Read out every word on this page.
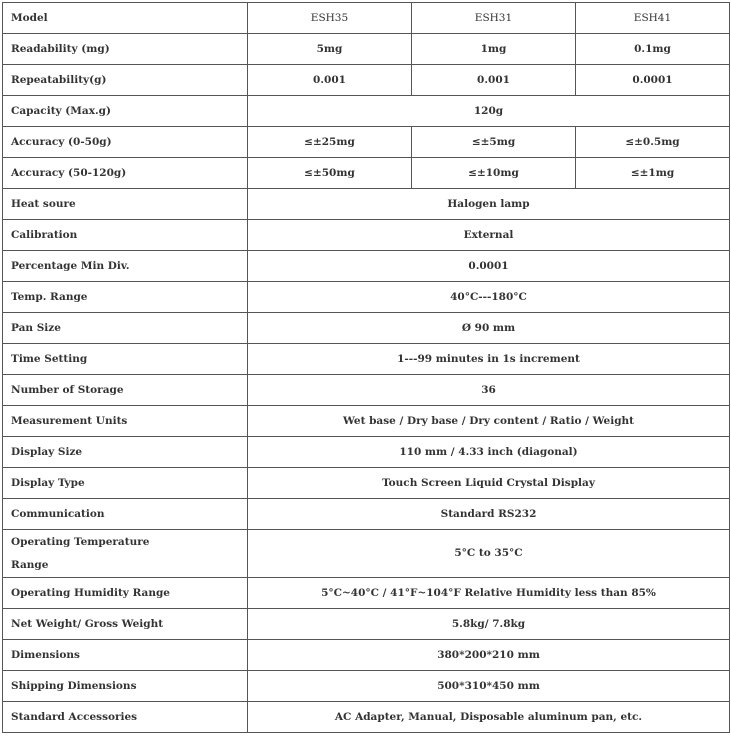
Model	ESH35	ESH31	ESH41
Readability (mg)	5mg	1mg	0.1mg
Repeatability(g)	0.001	0.001	0.0001
Capacity (Max.g)	120g		
Accuracy (0-50g)	≤±25mg	≤±5mg	≤±0.5mg
Accuracy (50-120g)	≤±50mg	≤±10mg	≤±1mg
Heat soure	Halogen lamp		
Calibration	External		
Percentage Min Div.	0.0001		
Temp. Range	40°C---180°C		
Pan Size	Ø 90 mm		
Time Setting	1---99 minutes in 1s increment		
Number of Storage	36		
Measurement Units	Wet base / Dry base / Dry content / Ratio / Weight		
Display Size	110 mm / 4.33 inch (diagonal)		
Display Type	Touch Screen Liquid Crystal Display		
Communication	Standard RS232		

Operating Temperature
Range	5°C to 35°C		
Operating Humidity Range	5°C~40°C / 41°F~104°F Relative Humidity less than 85%		
Net Weight/ Gross Weight	5.8kg/ 7.8kg		
Dimensions	380*200*210 mm		
Shipping Dimensions	500*310*450 mm		
Standard Accessories	AC Adapter, Manual, Disposable aluminum pan, etc.		
